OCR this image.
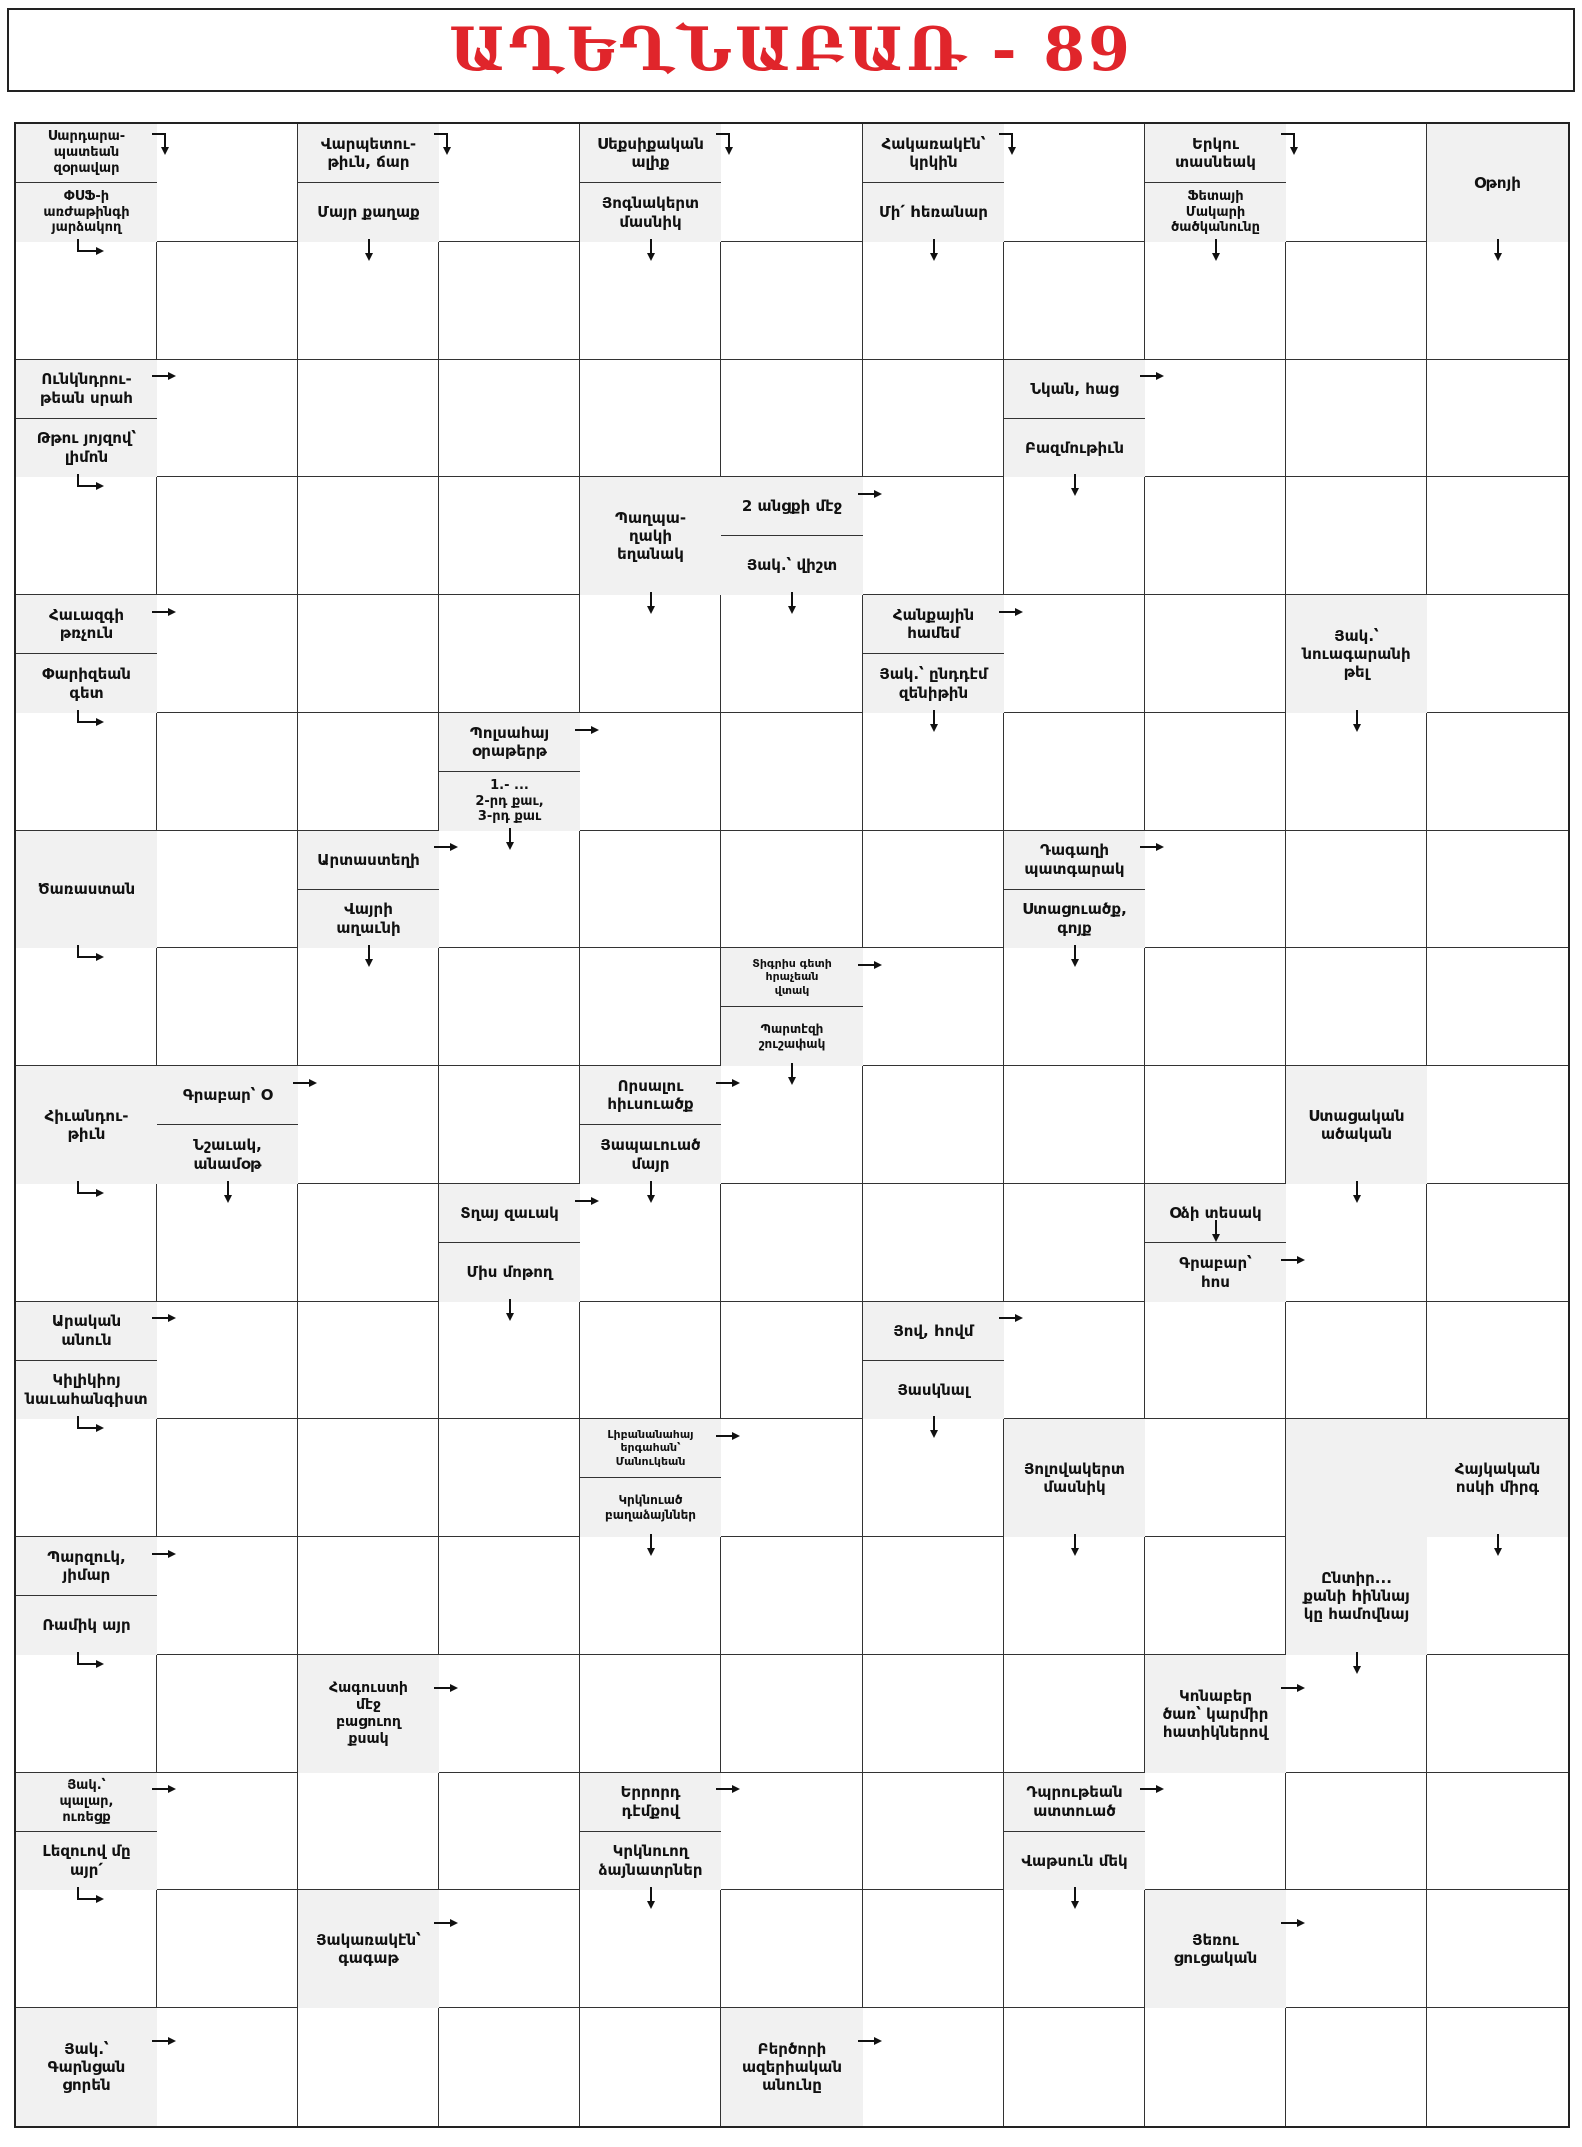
ԱՂԵՂՆԱԲԱՌ - 89
Սարդարա-
պատեան
զօրավար
ՓՍՖ-ի
առժաթինգի
յարձակող
Վարպետու-
թիւն, ճար
Մայր քաղաք
Սեքսիքական
ալիք
Յոգնակերտ
մասնիկ
Հակառակէն՝
կրկին
Մի՛ hեռանար
Երկու
տասնեակ
Ֆետայի
Մակարի
ծածկանունը
Օթոյի
Ունկնդրու-
թեան սրահ
Թթու յոյզով՝
լիմոն
Նկան, հաց
Բազմութիւն
Պաղպա-
ղակի
եղանակ
2 անցքի մէջ
Յակ.՝ վիշտ
Հաւազգի
թռչուն
Փարիզեան
գետ
Հանքային
համեմ
Յակ.՝ ընդդէմ
զենիթին
Յակ.՝
նուագարանի
թել
Պոլսահայ
օրաթերթ
1.- ...
2-րդ քաւ,
3-րդ քաւ
Ծառաստան
Արտաստեղի
Վայրի
աղաւնի
Դագաղի
պատգարակ
Ստացուածք,
գոյք
Տիգրիս գետի
հրաչեան
վտակ
Պարտէզի
շուշափակ
Հիւանդու-
թիւն
Գրաբար՝ Օ
Նշաւակ,
անամօթ
Որսալու
հիւսուածք
Յապաւուած
մայր
Ստացական
ածական
Տղայ զաւակ
Միս մոթող
Օձի տեսակ
Գրաբար՝
հոս
Արական
անուն
Կիլիկիոյ
նաւահանգիստ
Յով, hովմ
Յասկնալ
Լիբանանահայ
երգահան՝
Մանուկեան
Կրկնուած
բաղաձայններ
Յոլովակերտ
մասնիկ
Հայկական
ոսկի միրգ
Պարզուկ,
յիմար
Ռամիկ այր
Ընտիր...
քանի hիննայ
կը համովնայ
Հագուստի
մէջ
բացուող
քսակ
Կոնաբեր
ծառ՝ կարմիր
հատիկներով
Յակ.՝
պալար,
ուռեցք
Լեզուով մը
այր՛
Երրորդ
դէմքով
Կրկնուող
ձայնատրներ
Դպրութեան
ատտուած
Վաթսուն մեկ
Յակառակէն՝
գագաթ
Յեռու
ցուցական
Յակ.՝
Գարնցան
ցորեն
Բերծորի
ազերիական
անունը
